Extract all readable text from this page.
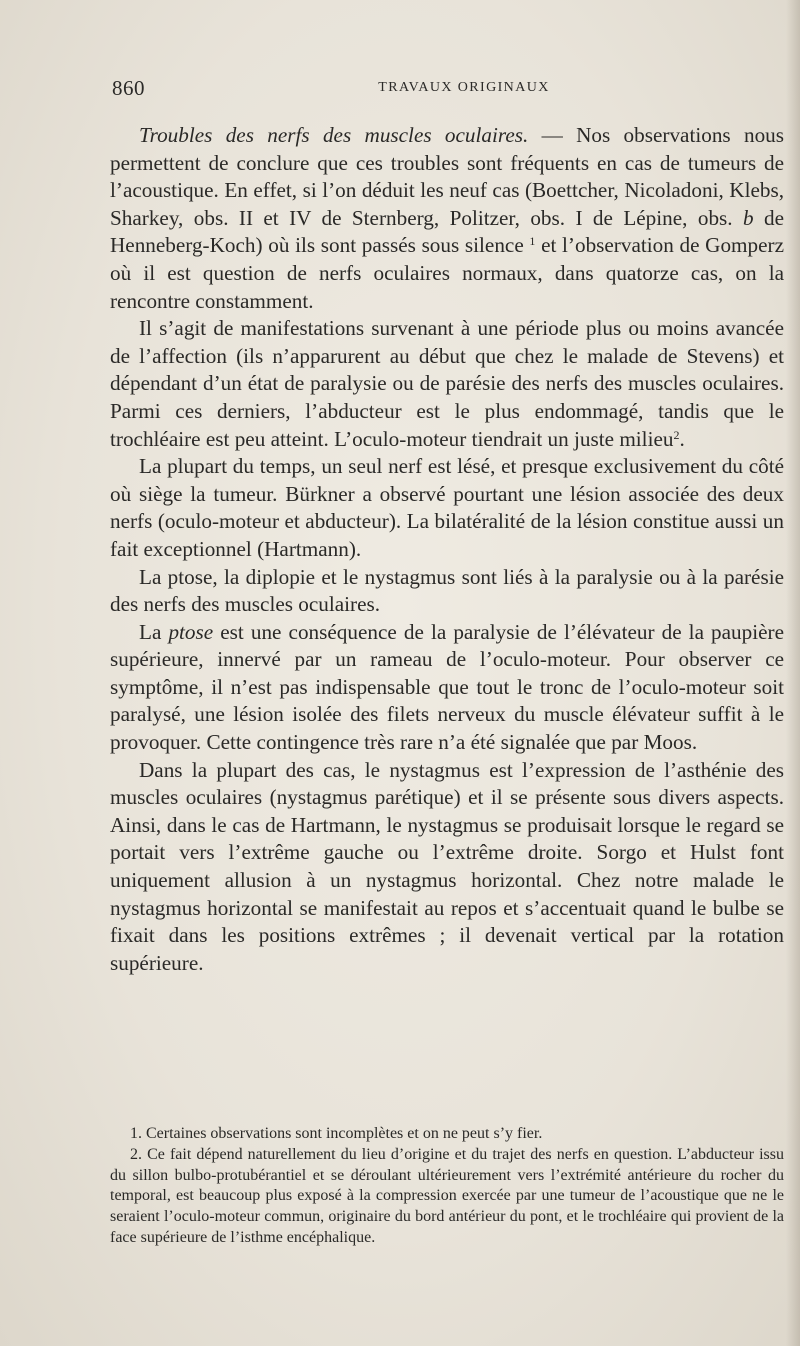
860	TRAVAUX ORIGINAUX

Troubles des nerfs des muscles oculaires. — Nos observations nous permettent de conclure que ces troubles sont fréquents en cas de tumeurs de l’acoustique. En effet, si l’on déduit les neuf cas (Boettcher, Nicoladoni, Klebs, Sharkey, obs. II et IV de Sternberg, Politzer, obs. I de Lépine, obs. b de Henneberg-Koch) où ils sont passés sous silence $^1$ et l’observation de Gomperz où il est question de nerfs oculaires normaux, dans quatorze cas, on la rencontre constamment.

Il s’agit de manifestations survenant à une période plus ou moins avancée de l’affection (ils n’apparurent au début que chez le malade de Stevens) et dépendant d’un état de paralysie ou de parésie des nerfs des muscles oculaires. Parmi ces derniers, l’abducteur est le plus endommagé, tandis que le trochléaire est peu atteint. L’oculo-moteur tiendrait un juste milieu$^2$.

La plupart du temps, un seul nerf est lésé, et presque exclusivement du côté où siège la tumeur. Bürkner a observé pourtant une lésion associée des deux nerfs (oculo-moteur et abducteur). La bilatéralité de la lésion constitue aussi un fait exceptionnel (Hartmann).

La ptose, la diplopie et le nystagmus sont liés à la paralysie ou à la parésie des nerfs des muscles oculaires.

La ptose est une conséquence de la paralysie de l’élévateur de la paupière supérieure, innervé par un rameau de l’oculo-moteur. Pour observer ce symptôme, il n’est pas indispensable que tout le tronc de l’oculo-moteur soit paralysé, une lésion isolée des filets nerveux du muscle élévateur suffit à le provoquer. Cette contingence très rare n’a été signalée que par Moos.

Dans la plupart des cas, le nystagmus est l’expression de l’asthénie des muscles oculaires (nystagmus parétique) et il se présente sous divers aspects. Ainsi, dans le cas de Hartmann, le nystagmus se produisait lorsque le regard se portait vers l’extrême gauche ou l’extrême droite. Sorgo et Hulst font uniquement allusion à un nystagmus horizontal. Chez notre malade le nystagmus horizontal se manifestait au repos et s’accentuait quand le bulbe se fixait dans les positions extrêmes ; il devenait vertical par la rotation supérieure.

1. Certaines observations sont incomplètes et on ne peut s’y fier.

2. Ce fait dépend naturellement du lieu d’origine et du trajet des nerfs en question. L’abducteur issu du sillon bulbo-protubérantiel et se déroulant ultérieurement vers l’extrémité antérieure du rocher du temporal, est beaucoup plus exposé à la compression exercée par une tumeur de l’acoustique que ne le seraient l’oculo-moteur commun, originaire du bord antérieur du pont, et le trochléaire qui provient de la face supérieure de l’isthme encéphalique.
